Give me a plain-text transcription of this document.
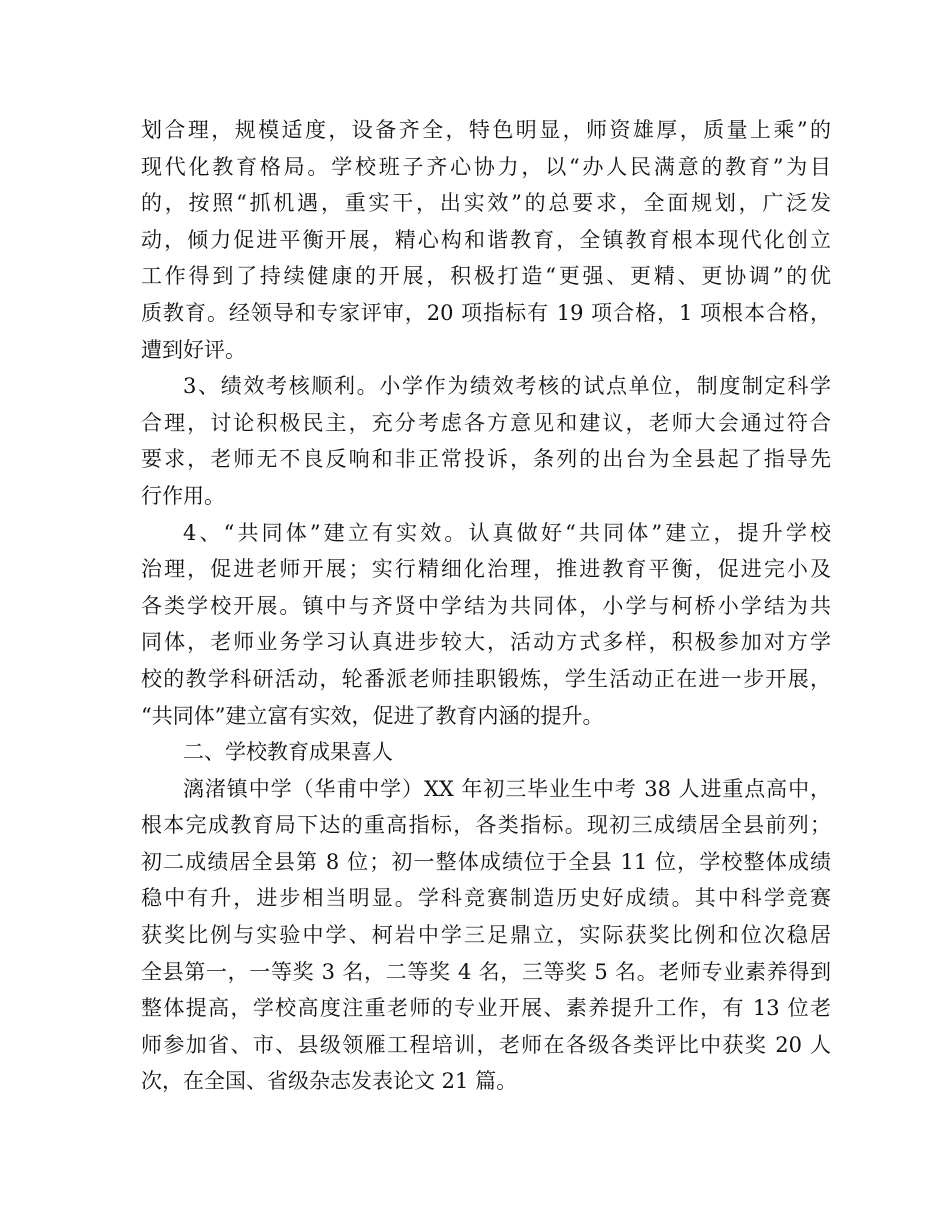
划合理，规模适度，设备齐全，特色明显，师资雄厚，质量上乘”的
现代化教育格局。学校班子齐心协力，以“办人民满意的教育”为目
的，按照“抓机遇，重实干，出实效”的总要求，全面规划，广泛发
动，倾力促进平衡开展，精心构和谐教育，全镇教育根本现代化创立
工作得到了持续健康的开展，积极打造“更强、更精、更协调”的优
质教育。经领导和专家评审，20 项指标有 19 项合格，1 项根本合格，
遭到好评。
3、绩效考核顺利。小学作为绩效考核的试点单位，制度制定科学
合理，讨论积极民主，充分考虑各方意见和建议，老师大会通过符合
要求，老师无不良反响和非正常投诉，条列的出台为全县起了指导先
行作用。
4、“共同体”建立有实效。认真做好“共同体”建立，提升学校
治理，促进老师开展；实行精细化治理，推进教育平衡，促进完小及
各类学校开展。镇中与齐贤中学结为共同体，小学与柯桥小学结为共
同体，老师业务学习认真进步较大，活动方式多样，积极参加对方学
校的教学科研活动，轮番派老师挂职锻炼，学生活动正在进一步开展，
“共同体”建立富有实效，促进了教育内涵的提升。
二、学校教育成果喜人
漓渚镇中学（华甫中学）XX 年初三毕业生中考 38 人进重点高中，
根本完成教育局下达的重高指标，各类指标。现初三成绩居全县前列；
初二成绩居全县第 8 位；初一整体成绩位于全县 11 位，学校整体成绩
稳中有升，进步相当明显。学科竞赛制造历史好成绩。其中科学竞赛
获奖比例与实验中学、柯岩中学三足鼎立，实际获奖比例和位次稳居
全县第一，一等奖 3 名，二等奖 4 名，三等奖 5 名。老师专业素养得到
整体提高，学校高度注重老师的专业开展、素养提升工作，有 13 位老
师参加省、市、县级领雁工程培训，老师在各级各类评比中获奖 20 人
次，在全国、省级杂志发表论文 21 篇。
